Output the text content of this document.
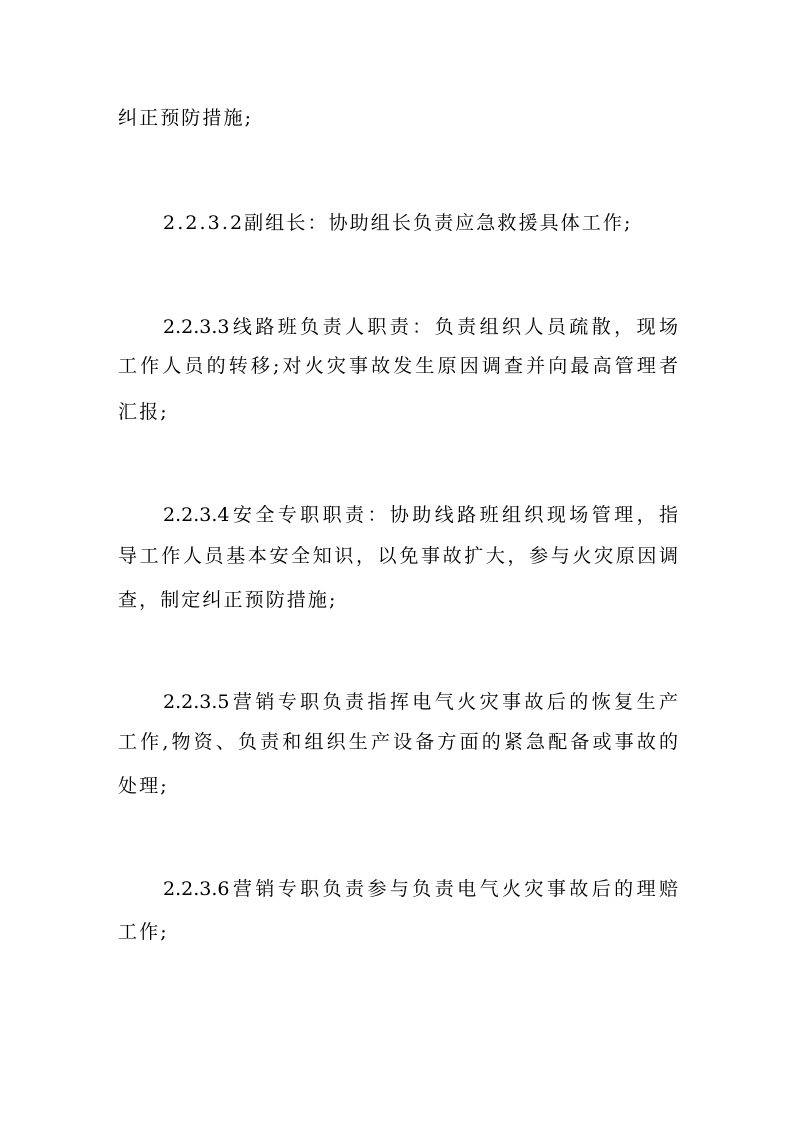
纠正预防措施;
2.2.3.2副组长：协助组长负责应急救援具体工作;
2.2.3.3线路班负责人职责：负责组织人员疏散，现场
工作人员的转移;对火灾事故发生原因调查并向最高管理者
汇报;
2.2.3.4安全专职职责：协助线路班组织现场管理，指
导工作人员基本安全知识，以免事故扩大，参与火灾原因调
查，制定纠正预防措施;
2.2.3.5营销专职负责指挥电气火灾事故后的恢复生产
工作,物资、负责和组织生产设备方面的紧急配备或事故的
处理;
2.2.3.6营销专职负责参与负责电气火灾事故后的理赔
工作;
